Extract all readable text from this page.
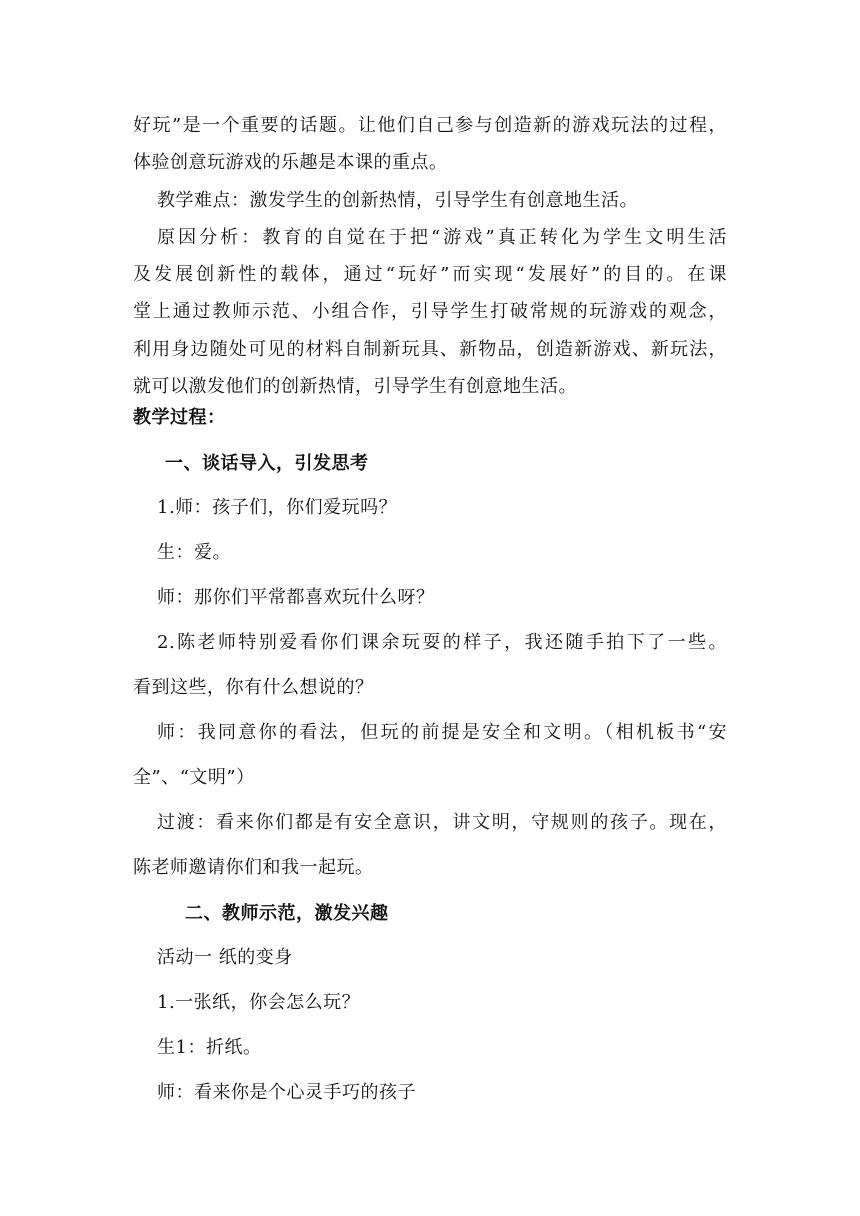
好玩”是一个重要的话题。让他们自己参与创造新的游戏玩法的过程，
体验创意玩游戏的乐趣是本课的重点。
教学难点：激发学生的创新热情，引导学生有创意地生活。
原因分析：教育的自觉在于把“游戏”真正转化为学生文明生活
及发展创新性的载体，通过“玩好”而实现“发展好”的目的。在课
堂上通过教师示范、小组合作，引导学生打破常规的玩游戏的观念，
利用身边随处可见的材料自制新玩具、新物品，创造新游戏、新玩法，
就可以激发他们的创新热情，引导学生有创意地生活。
教学过程：
一、谈话导入，引发思考
1.师：孩子们，你们爱玩吗？
生：爱。
师：那你们平常都喜欢玩什么呀？
2.陈老师特别爱看你们课余玩耍的样子，我还随手拍下了一些。
看到这些，你有什么想说的？
师：我同意你的看法，但玩的前提是安全和文明。（相机板书“安
全”、“文明”）
过渡：看来你们都是有安全意识，讲文明，守规则的孩子。现在，
陈老师邀请你们和我一起玩。
二、教师示范，激发兴趣
活动一 纸的变身
1.一张纸，你会怎么玩？
生1：折纸。
师：看来你是个心灵手巧的孩子
